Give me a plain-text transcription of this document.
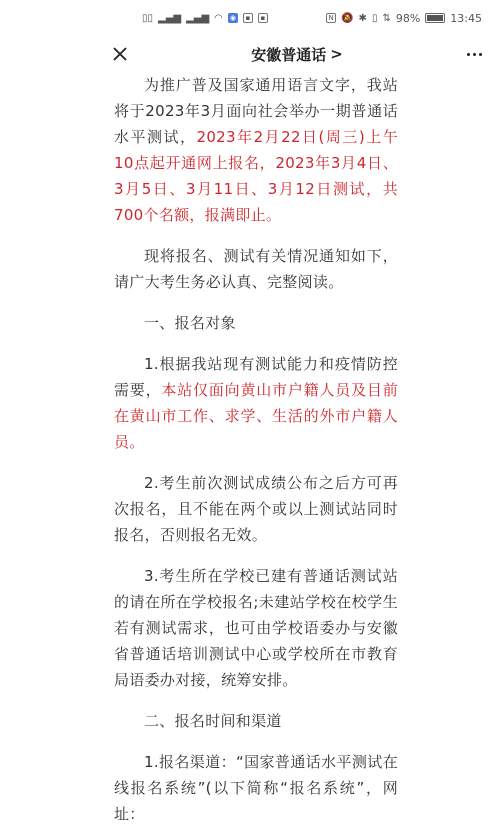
▯▯ ▂▄▆ ▂▄▆ ◠ ◉	▪	▪	N 🔕 ✱ ▯ ⇅ 98%	13:45
安徽普通话 >

为推广普及国家通用语言文字，我站将于2023年3月面向社会举办一期普通话水平测试，2023年2月22日(周三)上午10点起开通网上报名，2023年3月4日、3月5日、3月11日、3月12日测试，共700个名额，报满即止。

现将报名、测试有关情况通知如下，请广大考生务必认真、完整阅读。

一、报名对象

1.根据我站现有测试能力和疫情防控需要，本站仅面向黄山市户籍人员及目前在黄山市工作、求学、生活的外市户籍人员。

2.考生前次测试成绩公布之后方可再次报名，且不能在两个或以上测试站同时报名，否则报名无效。

3.考生所在学校已建有普通话测试站的请在所在学校报名;未建站学校在校学生若有测试需求，也可由学校语委办与安徽省普通话培训测试中心或学校所在市教育局语委办对接，统筹安排。

二、报名时间和渠道

1.报名渠道：“国家普通话水平测试在线报名系统”(以下简称“报名系统”，网址：
